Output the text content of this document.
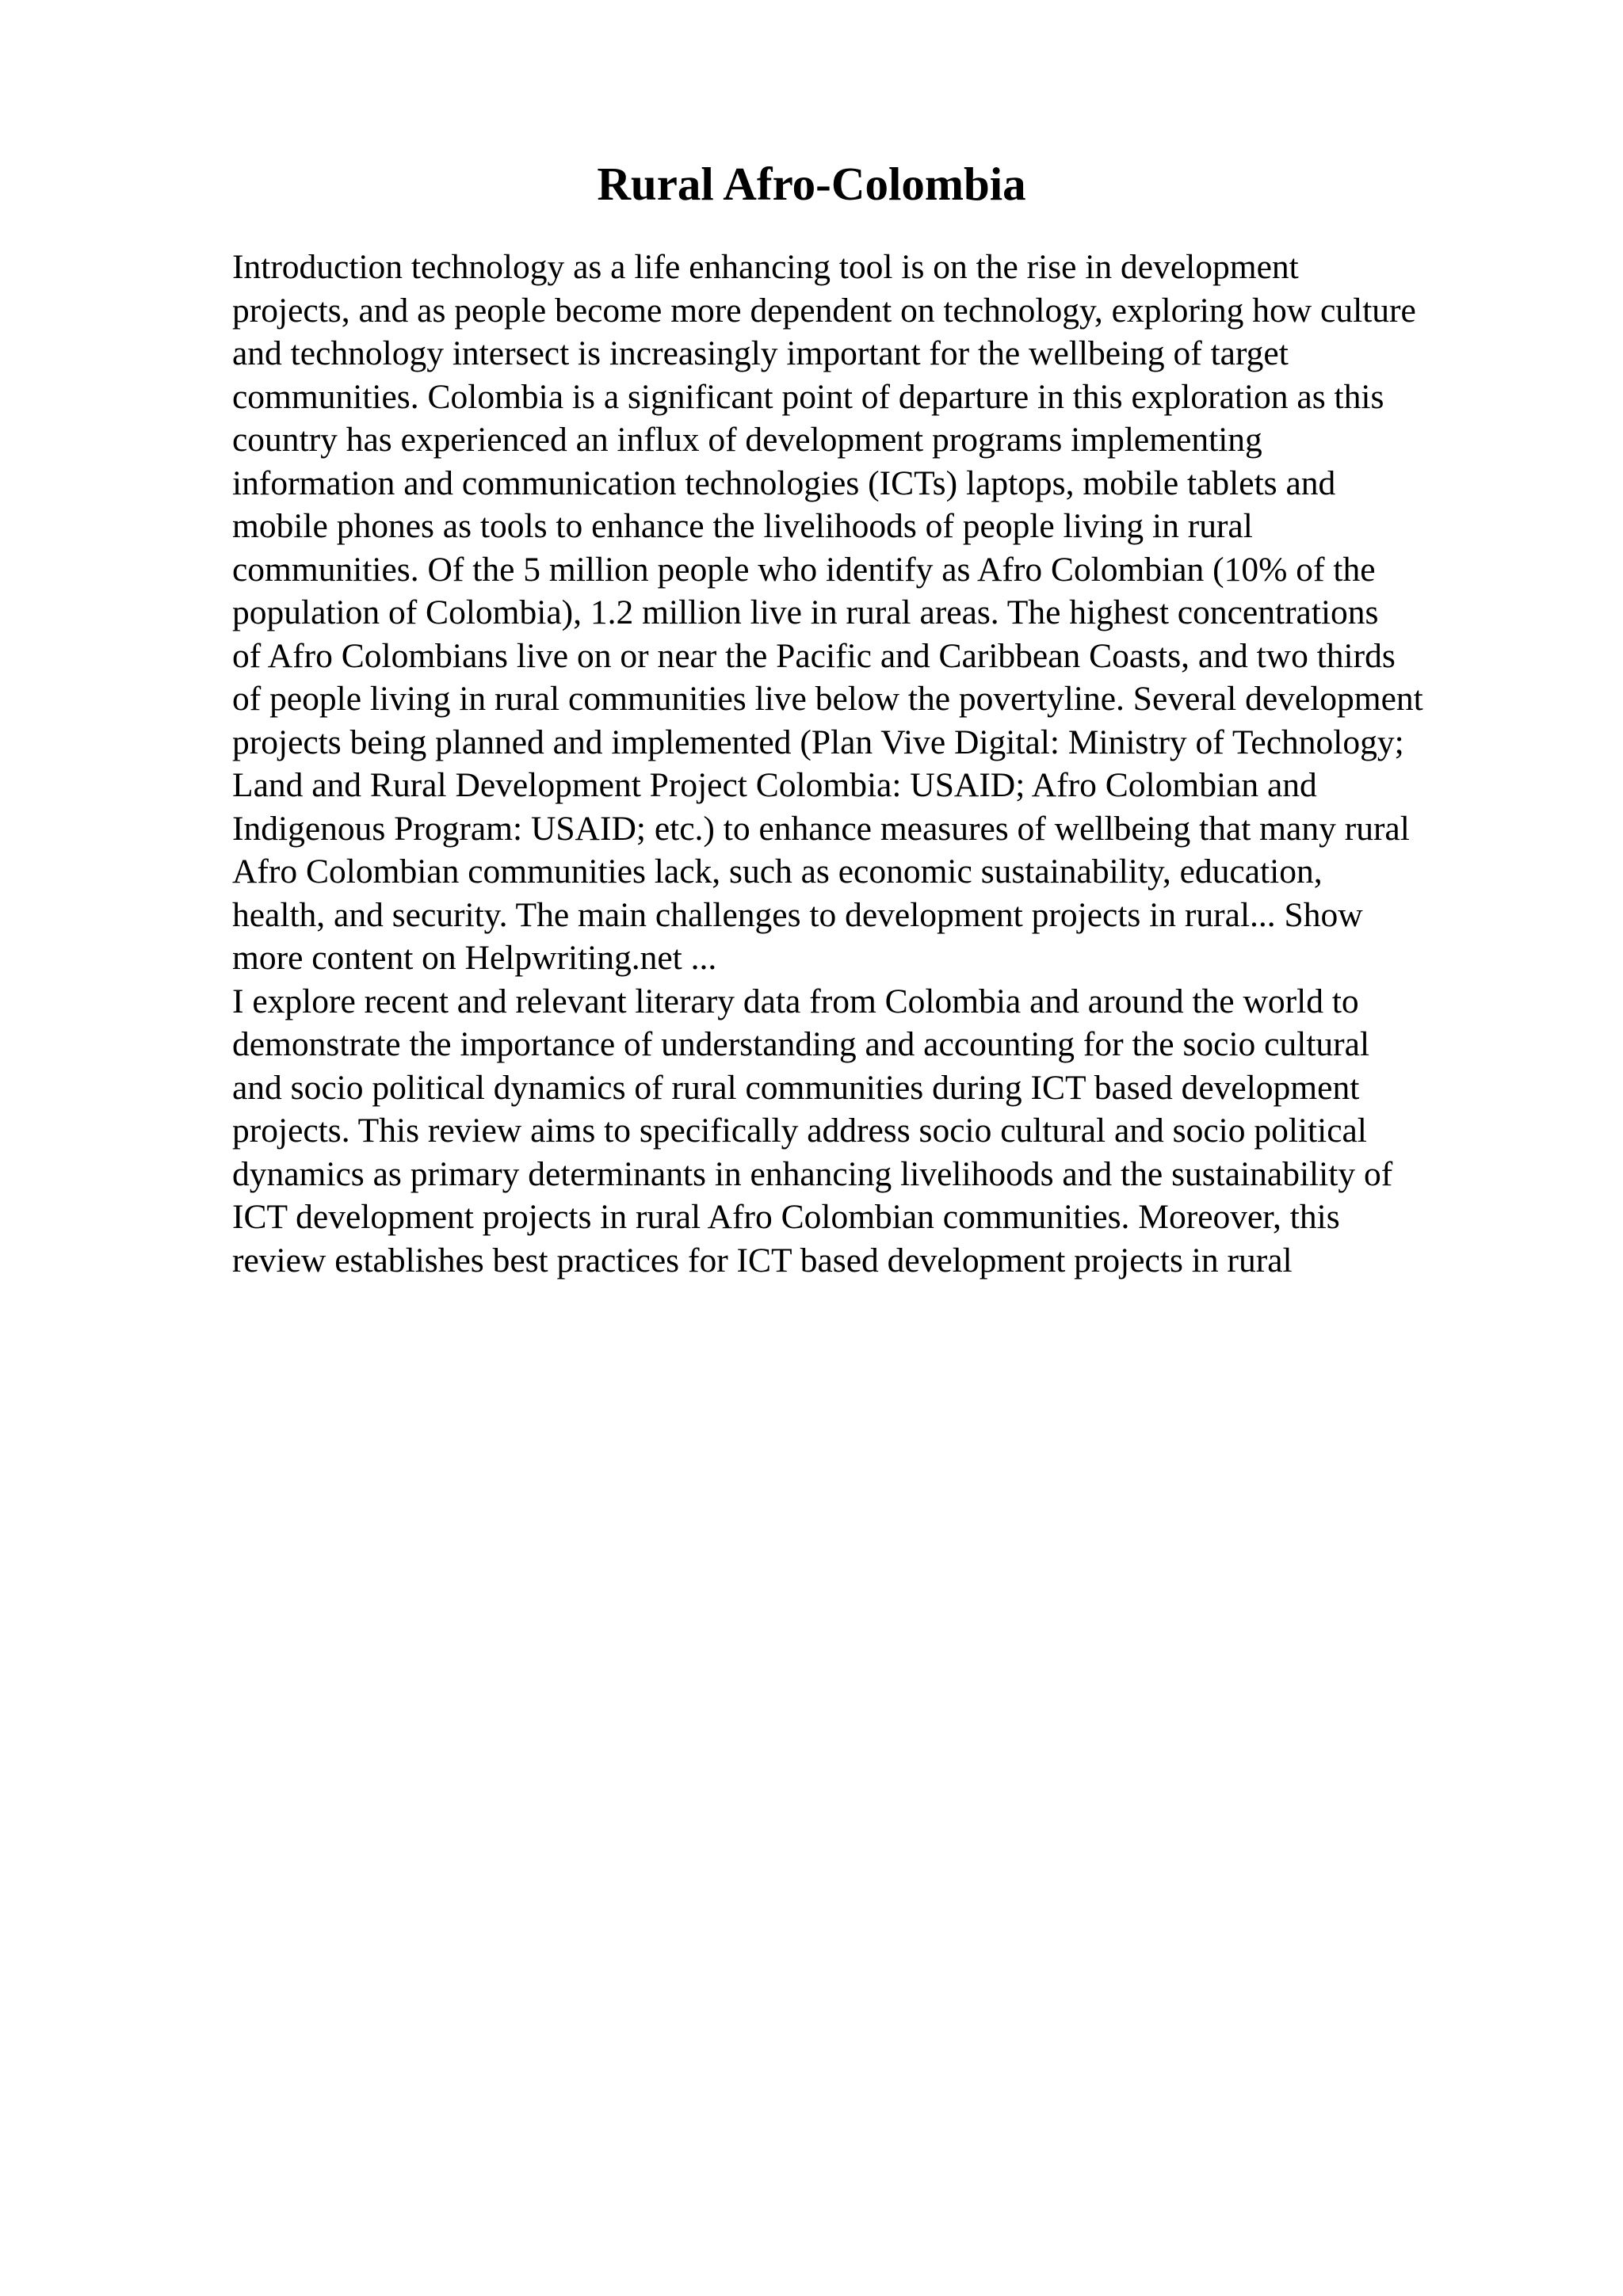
Rural Afro-Colombia
Introduction technology as a life enhancing tool is on the rise in development
projects, and as people become more dependent on technology, exploring how culture
and technology intersect is increasingly important for the wellbeing of target
communities. Colombia is a significant point of departure in this exploration as this
country has experienced an influx of development programs implementing
information and communication technologies (ICTs) laptops, mobile tablets and
mobile phones as tools to enhance the livelihoods of people living in rural
communities. Of the 5 million people who identify as Afro Colombian (10% of the
population of Colombia), 1.2 million live in rural areas. The highest concentrations
of Afro Colombians live on or near the Pacific and Caribbean Coasts, and two thirds
of people living in rural communities live below the povertyline. Several development
projects being planned and implemented (Plan Vive Digital: Ministry of Technology;
Land and Rural Development Project Colombia: USAID; Afro Colombian and
Indigenous Program: USAID; etc.) to enhance measures of wellbeing that many rural
Afro Colombian communities lack, such as economic sustainability, education,
health, and security. The main challenges to development projects in rural... Show
more content on Helpwriting.net ...
I explore recent and relevant literary data from Colombia and around the world to
demonstrate the importance of understanding and accounting for the socio cultural
and socio political dynamics of rural communities during ICT based development
projects. This review aims to specifically address socio cultural and socio political
dynamics as primary determinants in enhancing livelihoods and the sustainability of
ICT development projects in rural Afro Colombian communities. Moreover, this
review establishes best practices for ICT based development projects in rural
